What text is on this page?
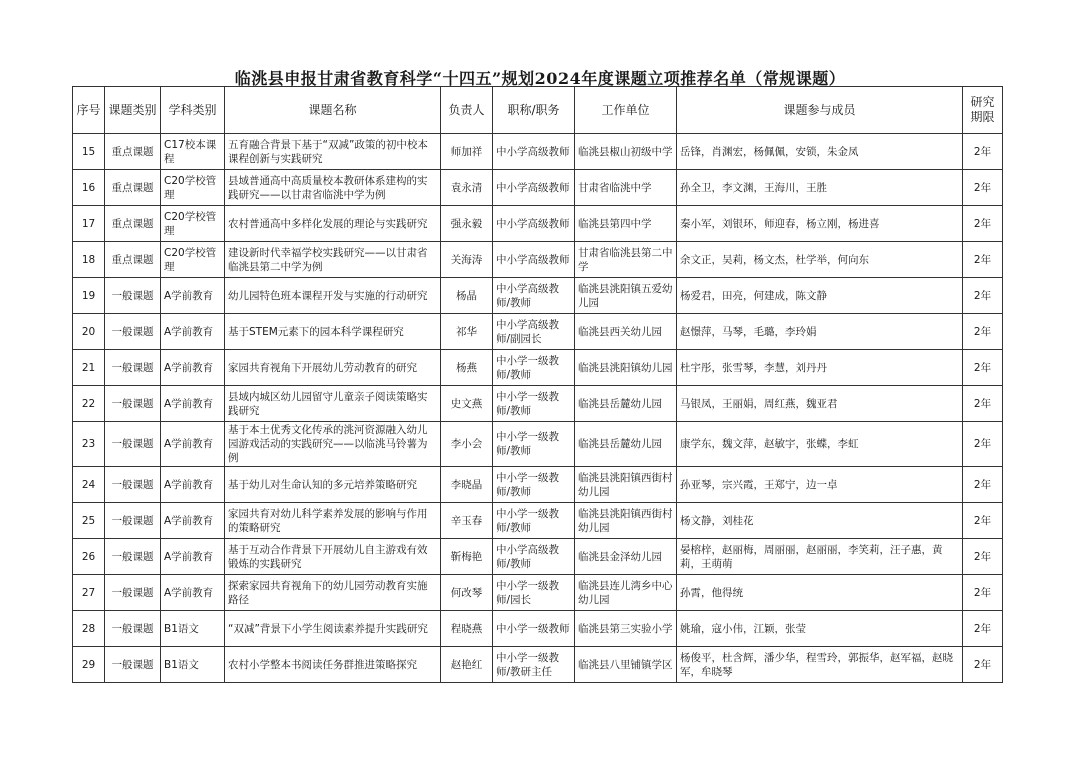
临洮县申报甘肃省教育科学“十四五”规划2024年度课题立项推荐名单（常规课题）
序号	课题类别	学科类别	课题名称	负责人	职称/职务	工作单位	课题参与成员	研究期限
15	重点课题	C17校本课程	五育融合背景下基于“双减”政策的初中校本课程创新与实践研究	师加祥	中小学高级教师	临洮县椒山初级中学	岳锋，肖渊宏，杨佩佩，安锁，朱金凤	2年
16	重点课题	C20学校管理	县域普通高中高质量校本教研体系建构的实践研究——以甘肃省临洮中学为例	袁永清	中小学高级教师	甘肃省临洮中学	孙全卫，李文渊，王海川，王胜	2年
17	重点课题	C20学校管理	农村普通高中多样化发展的理论与实践研究	强永毅	中小学高级教师	临洮县第四中学	秦小军，刘银环，师迎春，杨立刚，杨进喜	2年
18	重点课题	C20学校管理	建设新时代幸福学校实践研究——以甘肃省临洮县第二中学为例	关海涛	中小学高级教师	甘肃省临洮县第二中学	余文正，吴莉，杨文杰，杜学举，何向东	2年
19	一般课题	A学前教育	幼儿园特色班本课程开发与实施的行动研究	杨晶	中小学高级教师/教师	临洮县洮阳镇五爱幼儿园	杨爱君，田亮，何建成，陈文静	2年
20	一般课题	A学前教育	基于STEM元素下的园本科学课程研究	祁华	中小学高级教师/副园长	临洮县西关幼儿园	赵憬萍，马琴，毛璐，李玲娟	2年
21	一般课题	A学前教育	家园共育视角下开展幼儿劳动教育的研究	杨燕	中小学一级教师/教师	临洮县洮阳镇幼儿园	杜宇彤，张雪琴，李慧，刘丹丹	2年
22	一般课题	A学前教育	县域内城区幼儿园留守儿童亲子阅读策略实践研究	史文燕	中小学一级教师/教师	临洮县岳麓幼儿园	马银凤，王丽娟，周红燕，魏亚君	2年
23	一般课题	A学前教育	基于本土优秀文化传承的洮河资源融入幼儿园游戏活动的实践研究——以临洮马铃薯为例	李小会	中小学一级教师/教师	临洮县岳麓幼儿园	康学东，魏文萍，赵敏宇，张蝶，李虹	2年
24	一般课题	A学前教育	基于幼儿对生命认知的多元培养策略研究	李晓晶	中小学一级教师/教师	临洮县洮阳镇西街村幼儿园	孙亚琴，宗兴霞，王郑宁，边一卓	2年
25	一般课题	A学前教育	家园共育对幼儿科学素养发展的影响与作用的策略研究	辛玉春	中小学一级教师/教师	临洮县洮阳镇西街村幼儿园	杨文静，刘桂花	2年
26	一般课题	A学前教育	基于互动合作背景下开展幼儿自主游戏有效锻炼的实践研究	靳梅艳	中小学高级教师/教师	临洮县金泽幼儿园	晏榕梓，赵丽梅，周丽丽，赵丽丽，李笑莉，汪子惠，黄莉，王萌萌	2年
27	一般课题	A学前教育	探索家园共育视角下的幼儿园劳动教育实施路径	何改琴	中小学一级教师/园长	临洮县连儿湾乡中心幼儿园	孙霄，他得统	2年
28	一般课题	B1语文	“双减”背景下小学生阅读素养提升实践研究	程晓燕	中小学一级教师	临洮县第三实验小学	姚瑜，寇小伟，江颖，张莹	2年
29	一般课题	B1语文	农村小学整本书阅读任务群推进策略探究	赵艳红	中小学一级教师/教研主任	临洮县八里铺镇学区	杨俊平，杜含辉，潘少华，程雪玲，郭振华，赵军福，赵晓军，牟晓琴	2年
